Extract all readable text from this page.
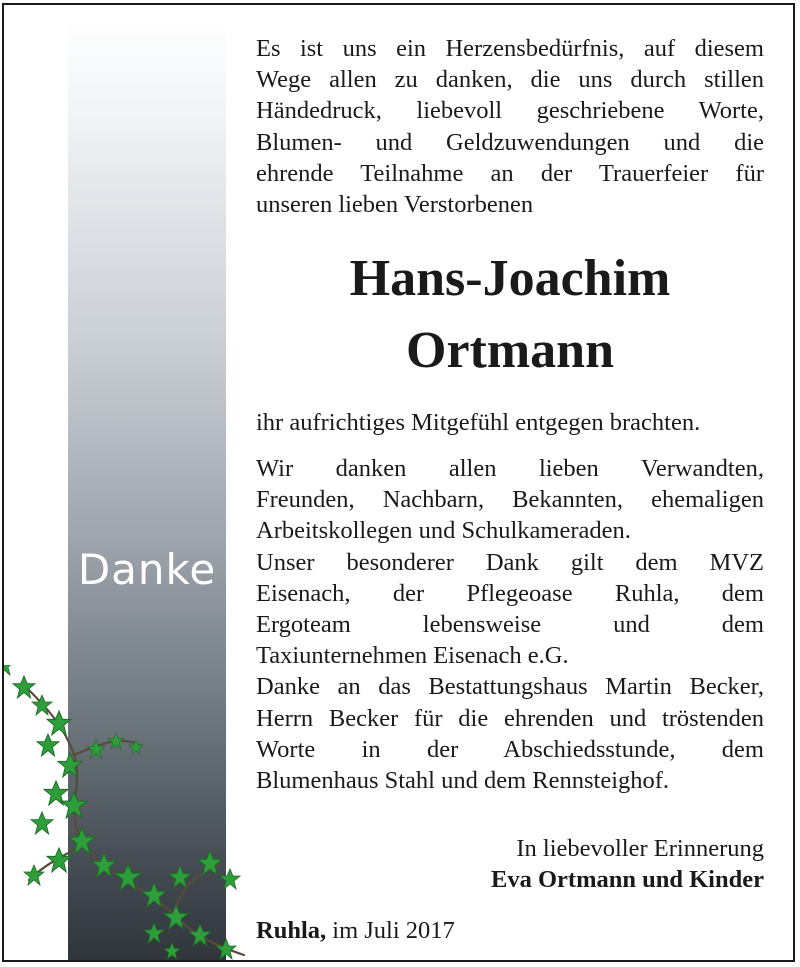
Danke
Es ist uns ein Herzensbedürfnis, auf diesem
Wege allen zu danken, die uns durch stillen
Händedruck, liebevoll geschriebene Worte,
Blumen- und Geldzuwendungen und die
ehrende Teilnahme an der Trauerfeier für
unseren lieben Verstorbenen
Hans-Joachim
Ortmann
ihr aufrichtiges Mitgefühl entgegen brachten.
Wir danken allen lieben Verwandten,
Freunden, Nachbarn, Bekannten, ehemaligen
Arbeitskollegen und Schulkameraden.
Unser besonderer Dank gilt dem MVZ
Eisenach, der Pflegeoase Ruhla, dem
Ergoteam lebensweise und dem
Taxiunternehmen Eisenach e.G.
Danke an das Bestattungshaus Martin Becker,
Herrn Becker für die ehrenden und tröstenden
Worte in der Abschiedsstunde, dem
Blumenhaus Stahl und dem Rennsteighof.
In liebevoller Erinnerung
Eva Ortmann und Kinder
Ruhla, im Juli 2017
